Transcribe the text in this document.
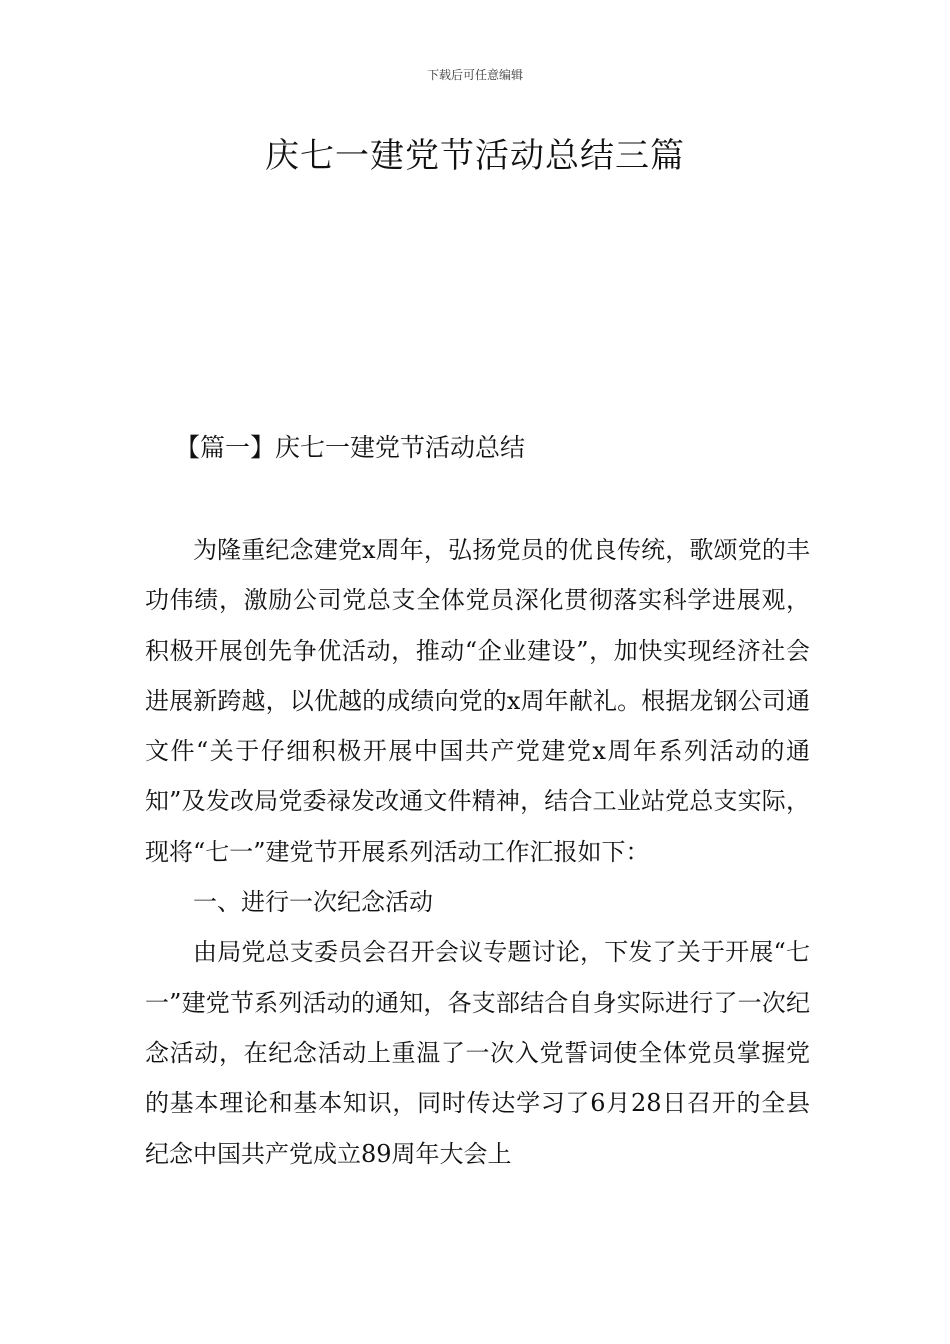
下载后可任意编辑
庆七一建党节活动总结三篇
【篇一】庆七一建党节活动总结

为隆重纪念建党x周年，弘扬党员的优良传统，歌颂党的丰功伟绩，激励公司党总支全体党员深化贯彻落实科学进展观，积极开展创先争优活动，推动“企业建设”，加快实现经济社会进展新跨越，以优越的成绩向党的x周年献礼。根据龙钢公司通文件“关于仔细积极开展中国共产党建党x周年系列活动的通知”及发改局党委禄发改通文件精神，结合工业站党总支实际，现将“七一”建党节开展系列活动工作汇报如下：

一、进行一次纪念活动

由局党总支委员会召开会议专题讨论，下发了关于开展“七一”建党节系列活动的通知，各支部结合自身实际进行了一次纪念活动，在纪念活动上重温了一次入党誓词使全体党员掌握党的基本理论和基本知识，同时传达学习了6月28日召开的全县纪念中国共产党成立89周年大会上
